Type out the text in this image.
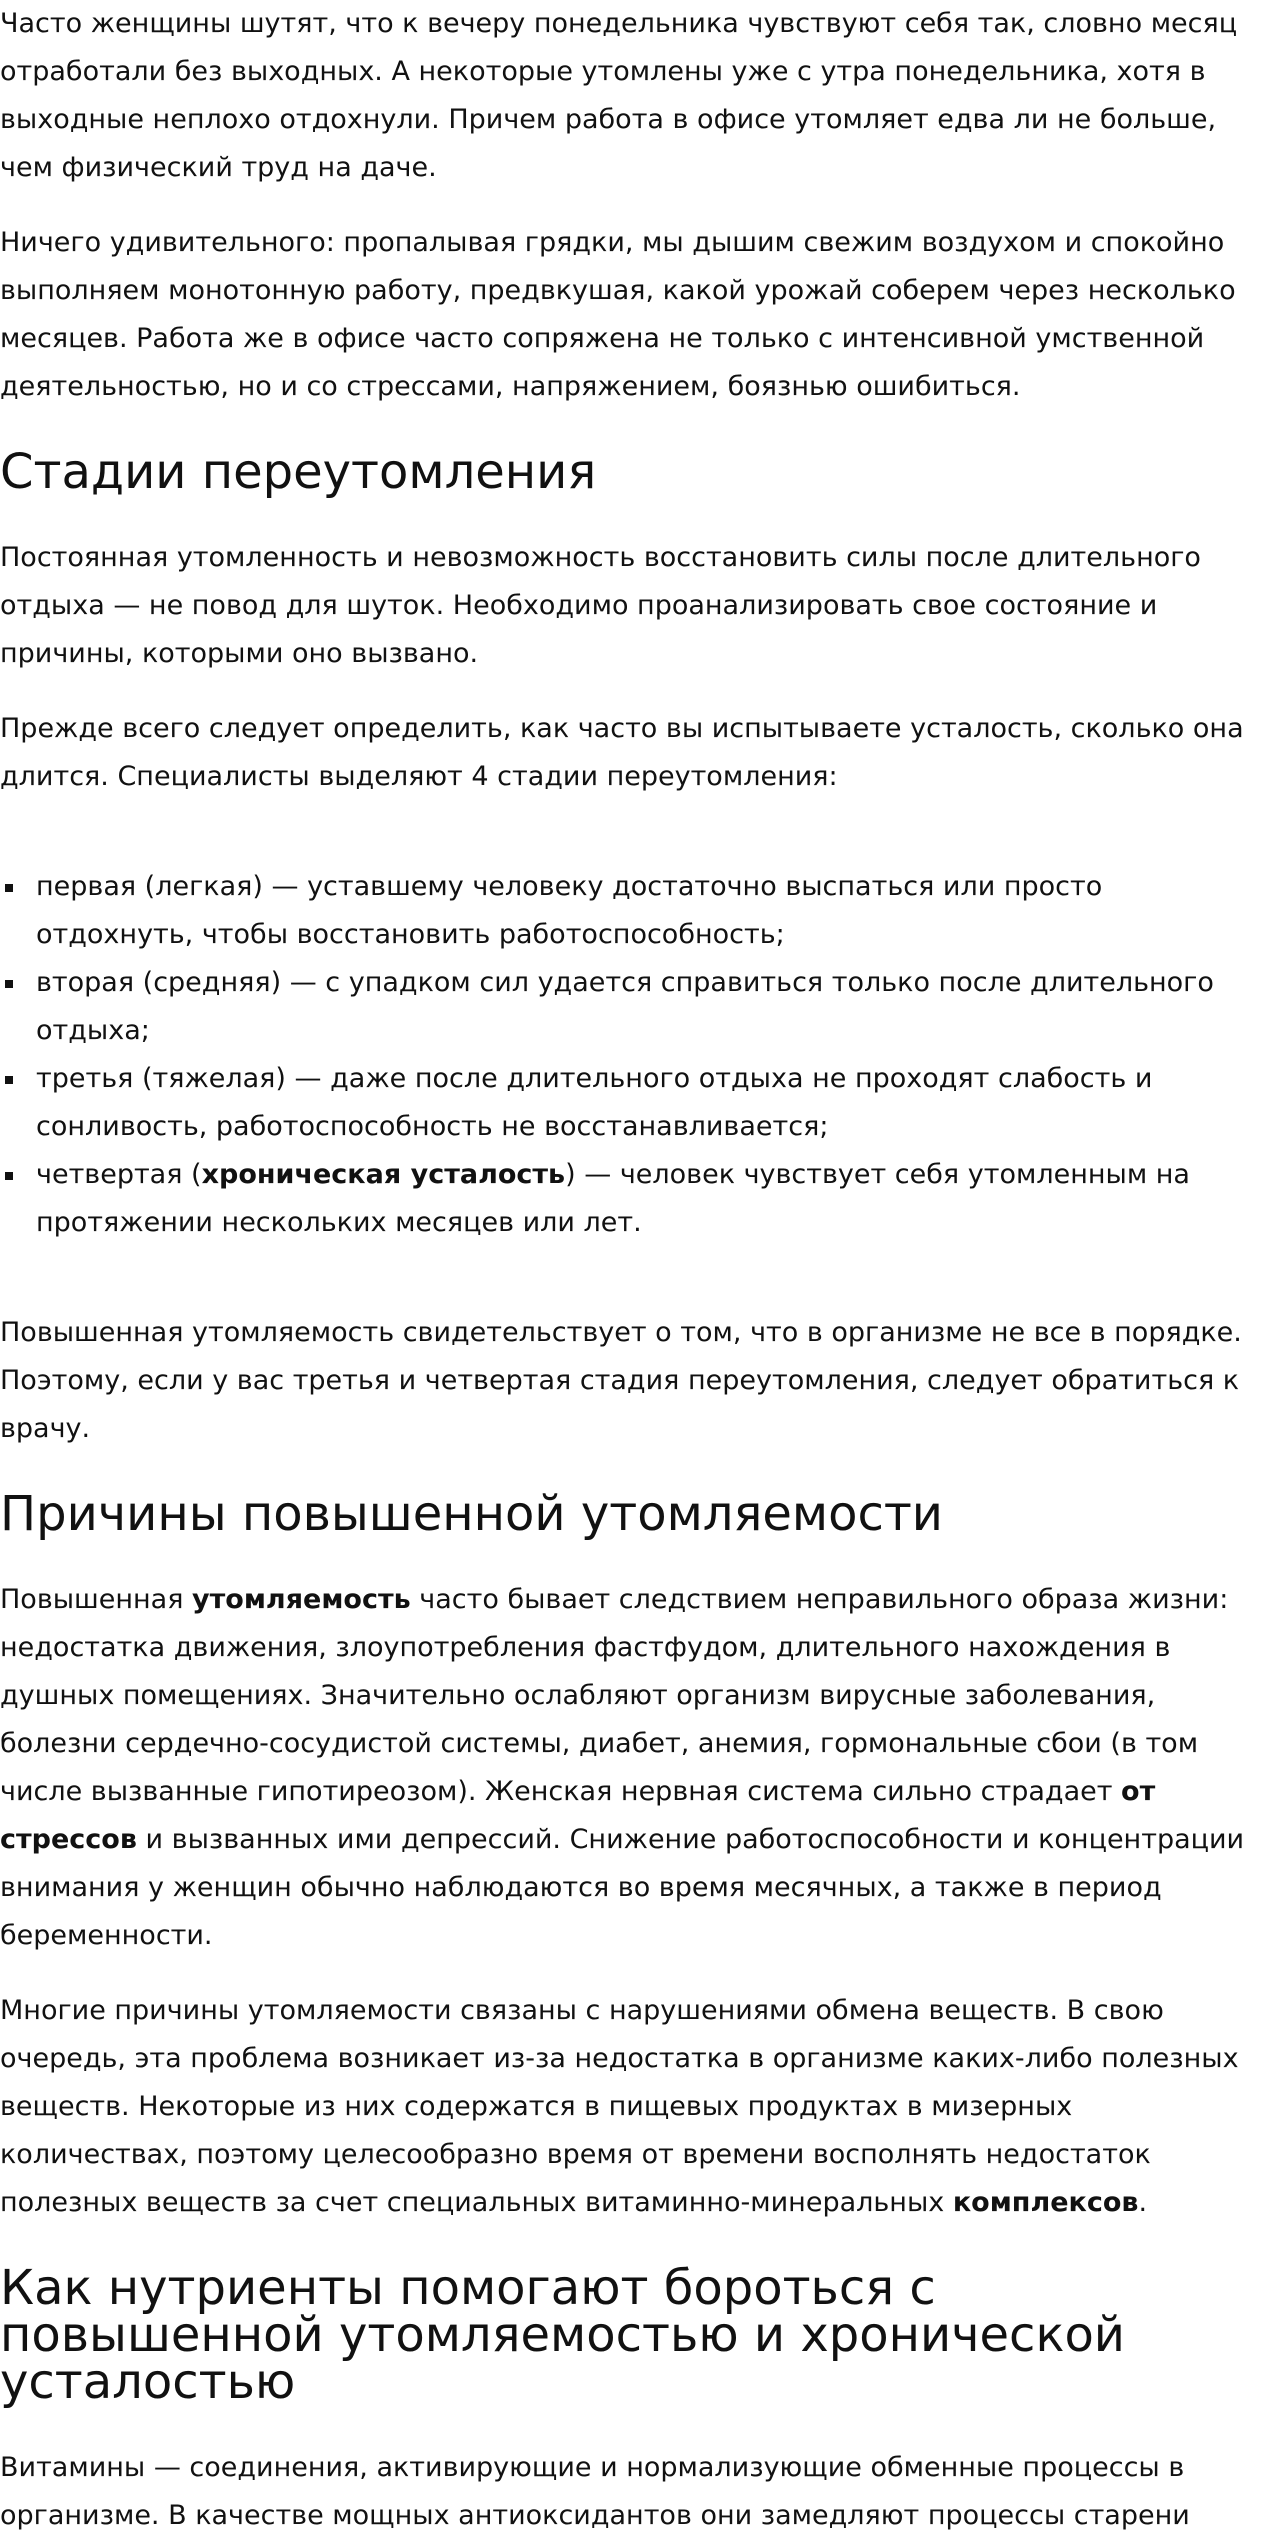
Часто женщины шутят, что к вечеру понедельника чувствуют себя так, словно месяц отработали без выходных. А некоторые утомлены уже с утра понедельника, хотя в выходные неплохо отдохнули. Причем работа в офисе утомляет едва ли не больше, чем физический труд на даче.

Ничего удивительного: пропалывая грядки, мы дышим свежим воздухом и спокойно выполняем монотонную работу, предвкушая, какой урожай соберем через несколько месяцев. Работа же в офисе часто сопряжена не только с интенсивной умственной деятельностью, но и со стрессами, напряжением, боязнью ошибиться.

Стадии переутомления

Постоянная утомленность и невозможность восстановить силы после длительного отдыха — не повод для шуток. Необходимо проанализировать свое состояние и причины, которыми оно вызвано.

Прежде всего следует определить, как часто вы испытываете усталость, сколько она длится. Специалисты выделяют 4 стадии переутомления:

первая (легкая) — уставшему человеку достаточно выспаться или просто отдохнуть, чтобы восстановить работоспособность;
вторая (средняя) — с упадком сил удается справиться только после длительного отдыха;
третья (тяжелая) — даже после длительного отдыха не проходят слабость и сонливость, работоспособность не восстанавливается;
четвертая (хроническая усталость) — человек чувствует себя утомленным на протяжении нескольких месяцев или лет.

Повышенная утомляемость свидетельствует о том, что в организме не все в порядке. Поэтому, если у вас третья и четвертая стадия переутомления, следует обратиться к врачу.

Причины повышенной утомляемости

Повышенная утомляемость часто бывает следствием неправильного образа жизни: недостатка движения, злоупотребления фастфудом, длительного нахождения в душных помещениях. Значительно ослабляют организм вирусные заболевания, болезни сердечно-сосудистой системы, диабет, анемия, гормональные сбои (в том числе вызванные гипотиреозом). Женская нервная система сильно страдает от стрессов и вызванных ими депрессий. Снижение работоспособности и концентрации внимания у женщин обычно наблюдаются во время месячных, а также в период беременности.

Многие причины утомляемости связаны с нарушениями обмена веществ. В свою очередь, эта проблема возникает из-за недостатка в организме каких-либо полезных веществ. Некоторые из них содержатся в пищевых продуктах в мизерных количествах, поэтому целесообразно время от времени восполнять недостаток полезных веществ за счет специальных витаминно-минеральных комплексов.

Как нутриенты помогают бороться с повышенной утомляемостью и хронической усталостью

Витамины — соединения, активирующие и нормализующие обменные процессы в организме. В качестве мощных антиоксидантов они замедляют процессы старени
